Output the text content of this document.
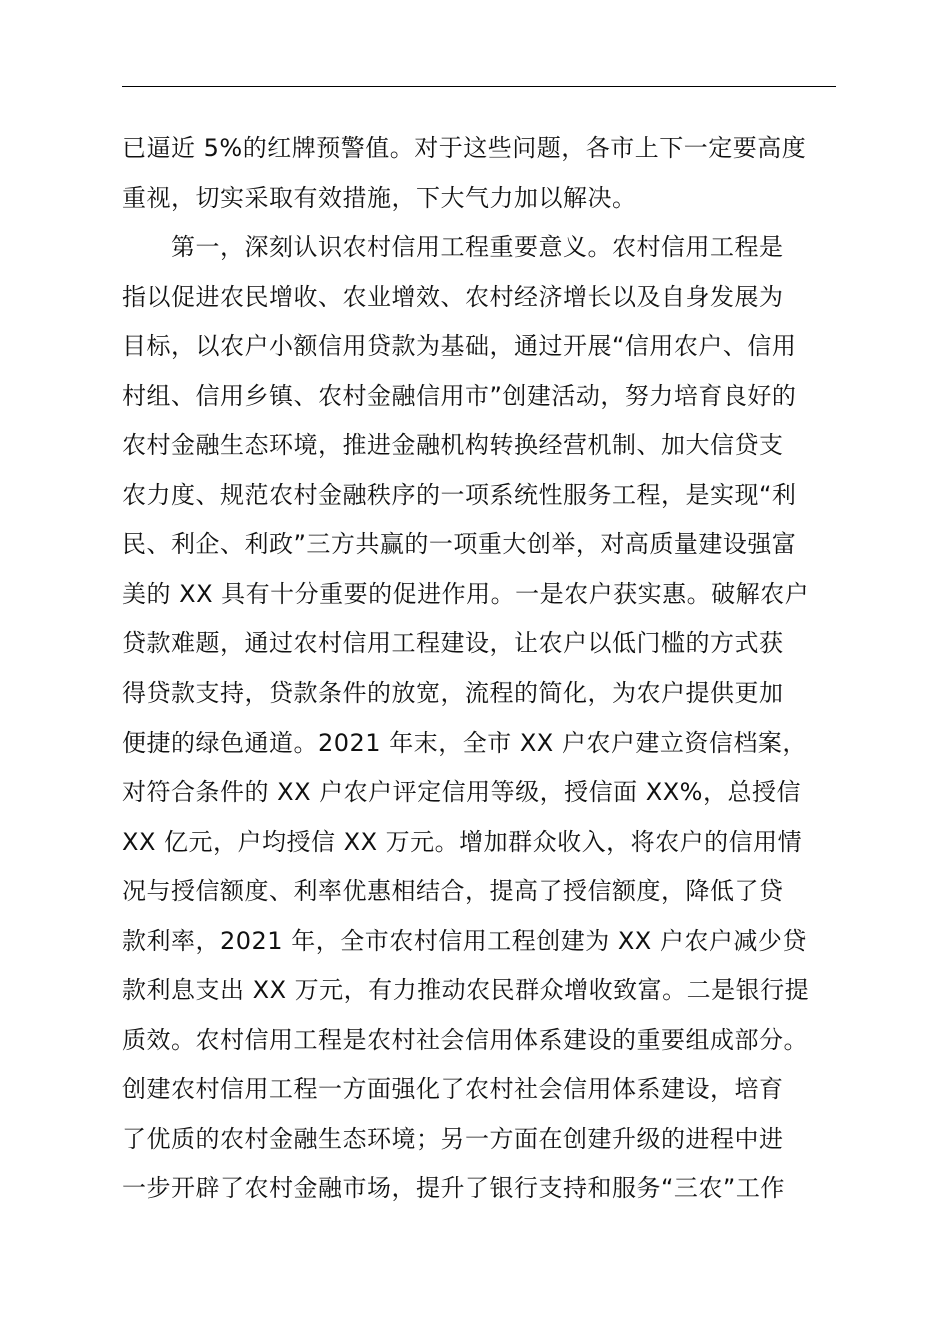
已逼近 5%的红牌预警值。对于这些问题，各市上下一定要高度
重视，切实采取有效措施，下大气力加以解决。
　　第一，深刻认识农村信用工程重要意义。农村信用工程是
指以促进农民增收、农业增效、农村经济增长以及自身发展为
目标，以农户小额信用贷款为基础，通过开展“信用农户、信用
村组、信用乡镇、农村金融信用市”创建活动，努力培育良好的
农村金融生态环境，推进金融机构转换经营机制、加大信贷支
农力度、规范农村金融秩序的一项系统性服务工程，是实现“利
民、利企、利政”三方共赢的一项重大创举，对高质量建设强富
美的 XX 具有十分重要的促进作用。一是农户获实惠。破解农户
贷款难题，通过农村信用工程建设，让农户以低门槛的方式获
得贷款支持，贷款条件的放宽，流程的简化，为农户提供更加
便捷的绿色通道。2021 年末，全市 XX 户农户建立资信档案，
对符合条件的 XX 户农户评定信用等级，授信面 XX%，总授信
XX 亿元，户均授信 XX 万元。增加群众收入，将农户的信用情
况与授信额度、利率优惠相结合，提高了授信额度，降低了贷
款利率，2021 年，全市农村信用工程创建为 XX 户农户减少贷
款利息支出 XX 万元，有力推动农民群众增收致富。二是银行提
质效。农村信用工程是农村社会信用体系建设的重要组成部分。
创建农村信用工程一方面强化了农村社会信用体系建设，培育
了优质的农村金融生态环境；另一方面在创建升级的进程中进
一步开辟了农村金融市场，提升了银行支持和服务“三农”工作
